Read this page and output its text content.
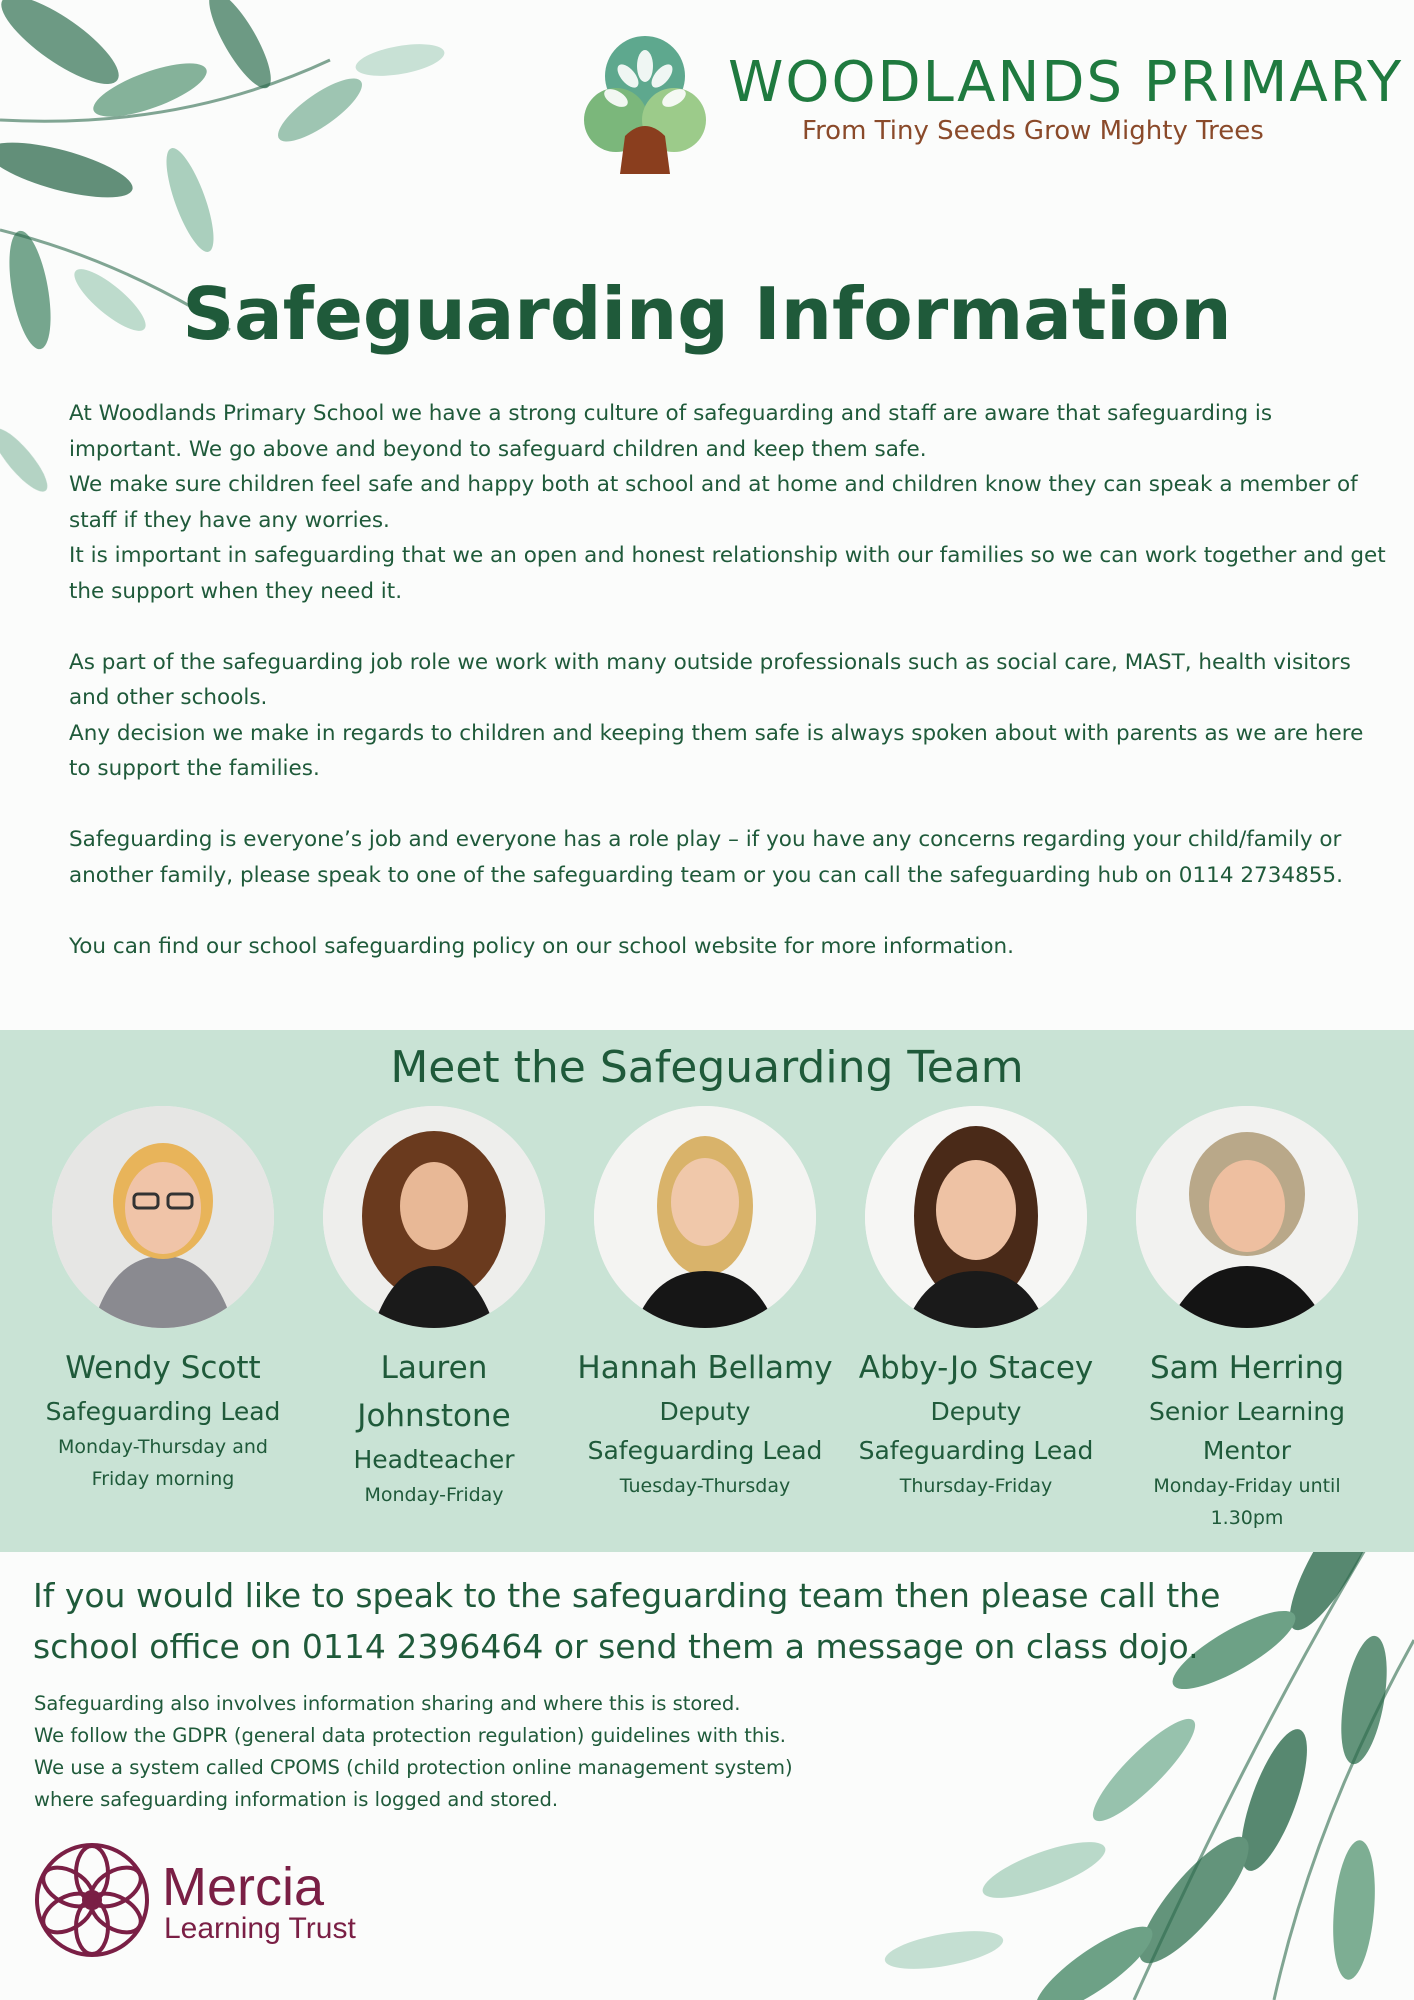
WOODLANDS PRIMARY
From Tiny Seeds Grow Mighty Trees
Safeguarding Information

At Woodlands Primary School we have a strong culture of safeguarding and staff are aware that safeguarding is important. We go above and beyond to safeguard children and keep them safe.
We make sure children feel safe and happy both at school and at home and children know they can speak a member of staff if they have any worries.
It is important in safeguarding that we an open and honest relationship with our families so we can work together and get the support when they need it.

As part of the safeguarding job role we work with many outside professionals such as social care, MAST, health visitors and other schools.
Any decision we make in regards to children and keeping them safe is always spoken about with parents as we are here to support the families.

Safeguarding is everyone’s job and everyone has a role play – if you have any concerns regarding your child/family or another family, please speak to one of the safeguarding team or you can call the safeguarding hub on 0114 2734855.

You can find our school safeguarding policy on our school website for more information.

Meet the Safeguarding Team
Wendy Scott
Safeguarding Lead
Monday-Thursday and Friday morning
Lauren Johnstone
Headteacher
Monday-Friday
Hannah Bellamy
Deputy Safeguarding Lead
Tuesday-Thursday
Abby-Jo Stacey
Deputy Safeguarding Lead
Thursday-Friday
Sam Herring
Senior Learning Mentor
Monday-Friday until 1.30pm

If you would like to speak to the safeguarding team then please call the school office on 0114 2396464 or send them a message on class dojo.

Safeguarding also involves information sharing and where this is stored.

We follow the GDPR (general data protection regulation) guidelines with this.

We use a system called CPOMS (child protection online management system)

where safeguarding information is logged and stored.

Mercia
Learning Trust
